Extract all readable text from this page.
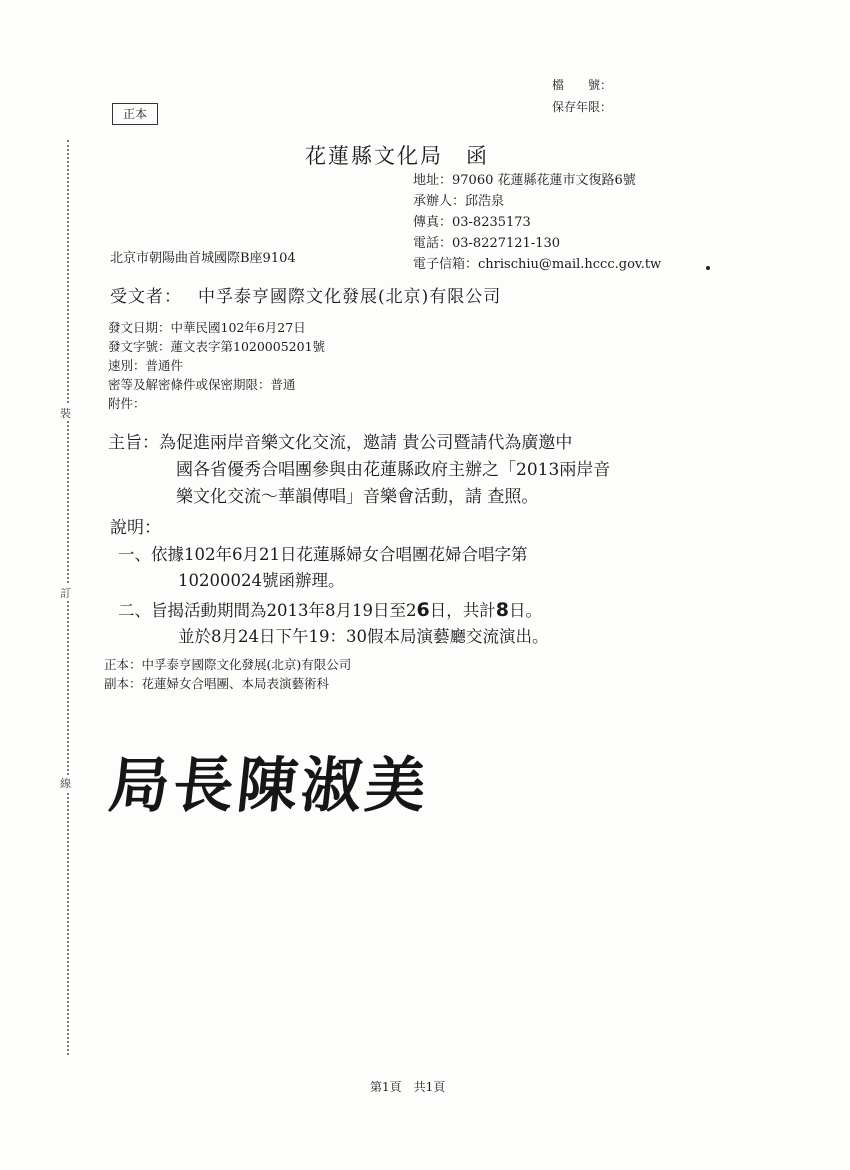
檔　　號：
保存年限：
正本
裝
訂
線
花蓮縣文化局　函
地址：97060 花蓮縣花蓮市文復路6號
承辦人：邱浩泉
傳真：03-8235173
電話：03-8227121-130
電子信箱：chrischiu@mail.hccc.gov.tw
北京市朝陽曲首城國際B座9104
受文者： 中孚泰亨國際文化發展(北京)有限公司
發文日期：中華民國102年6月27日
發文字號：蓮文表字第1020005201號
速別：普通件
密等及解密條件或保密期限：普通
附件：
主旨：為促進兩岸音樂文化交流，邀請 貴公司暨請代為廣邀中
國各省優秀合唱團參與由花蓮縣政府主辦之「2013兩岸音
樂文化交流～華韻傳唱」音樂會活動，請 查照。
說明：
一、依據102年6月21日花蓮縣婦女合唱團花婦合唱字第
10200024號函辦理。
二、旨揭活動期間為2013年8月19日至26日，共計8日。
並於8月24日下午19：30假本局演藝廳交流演出。
正本：中孚泰亨國際文化發展(北京)有限公司
副本：花蓮婦女合唱團、本局表演藝術科
局長陳淑美
第1頁　共1頁
